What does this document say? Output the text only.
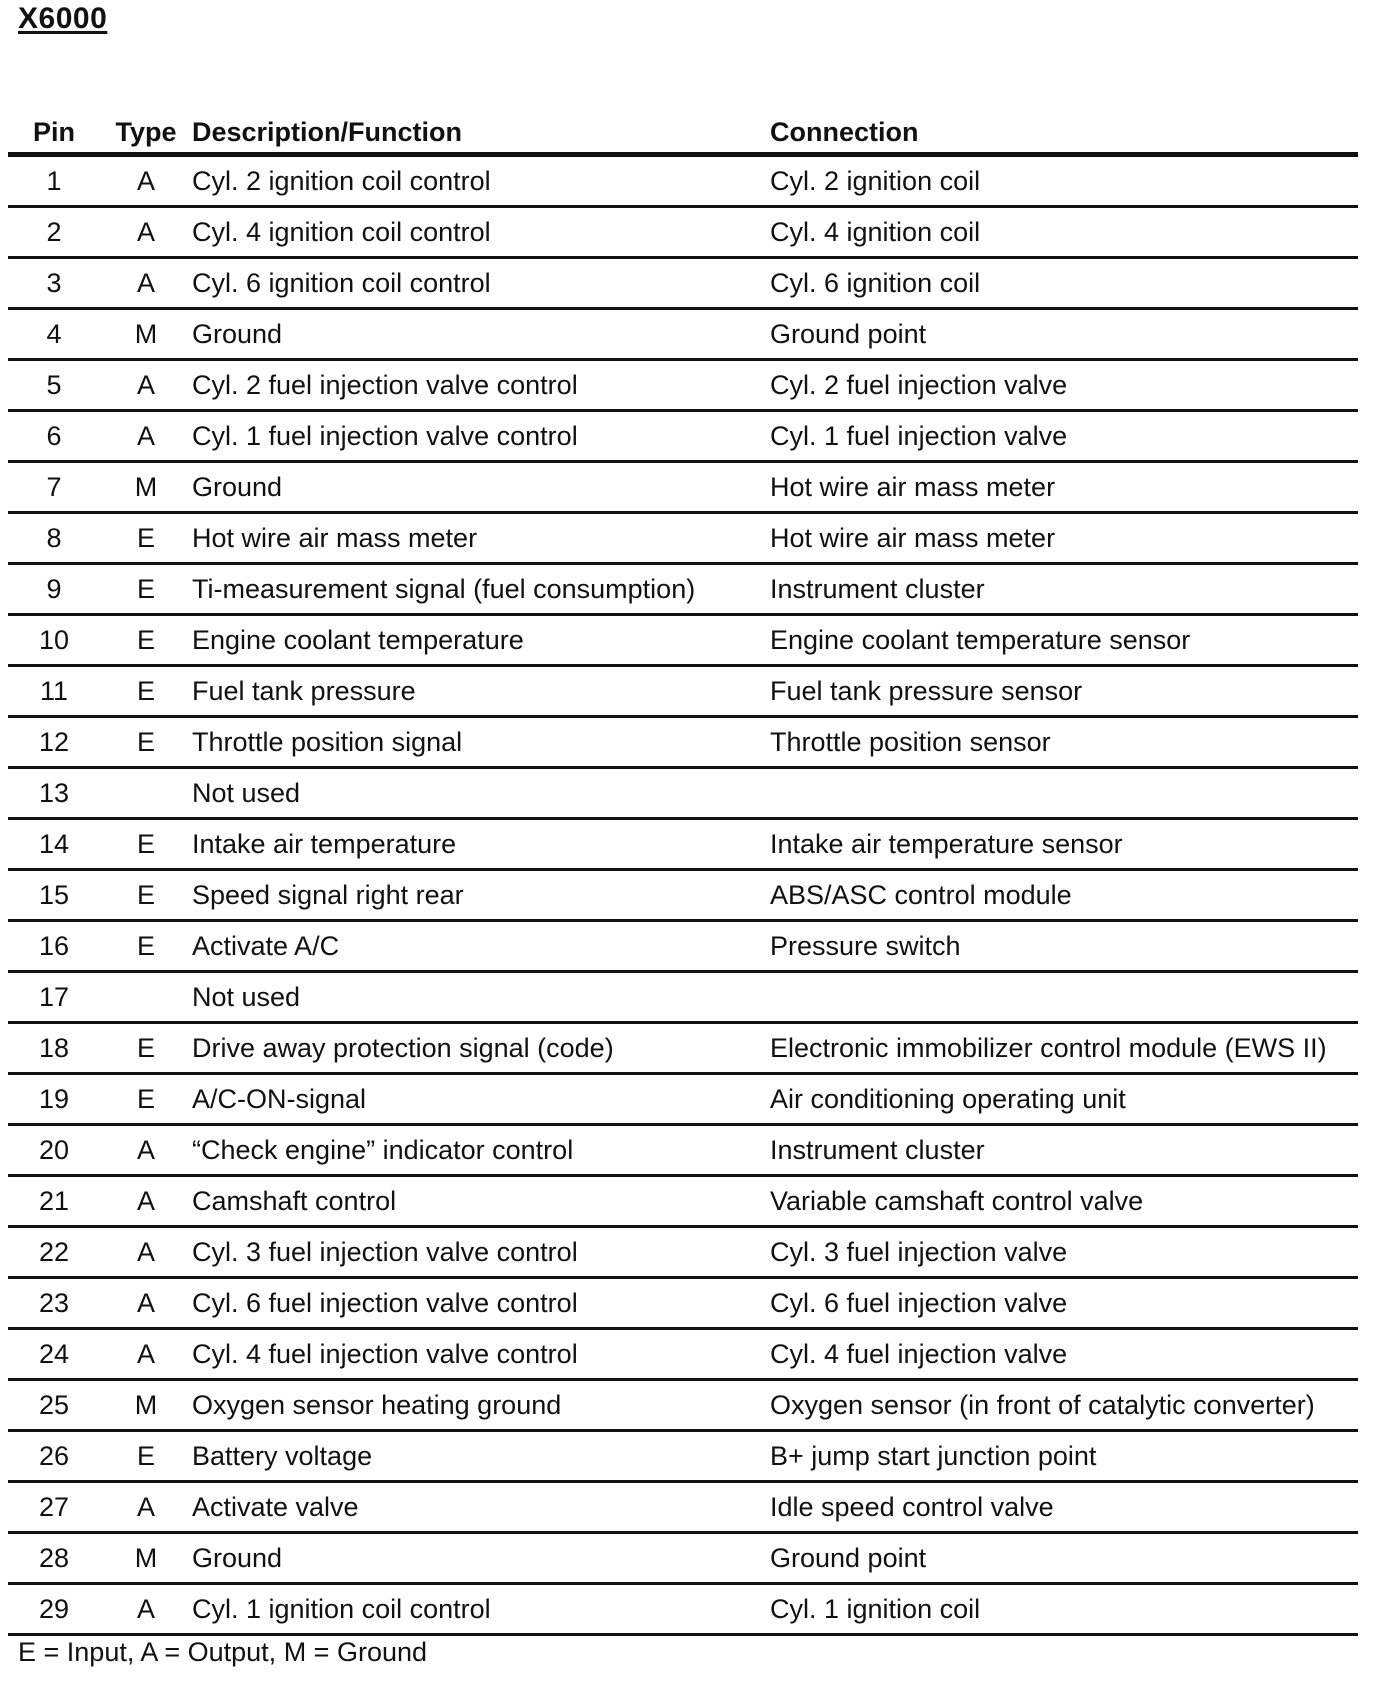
X6000
Pin	Type	Description/Function	Connection
1	A	Cyl. 2 ignition coil control	Cyl. 2 ignition coil
2	A	Cyl. 4 ignition coil control	Cyl. 4 ignition coil
3	A	Cyl. 6 ignition coil control	Cyl. 6 ignition coil
4	M	Ground	Ground point
5	A	Cyl. 2 fuel injection valve control	Cyl. 2 fuel injection valve
6	A	Cyl. 1 fuel injection valve control	Cyl. 1 fuel injection valve
7	M	Ground	Hot wire air mass meter
8	E	Hot wire air mass meter	Hot wire air mass meter
9	E	Ti-measurement signal (fuel consumption)	Instrument cluster
10	E	Engine coolant temperature	Engine coolant temperature sensor
11	E	Fuel tank pressure	Fuel tank pressure sensor
12	E	Throttle position signal	Throttle position sensor
13		Not used	
14	E	Intake air temperature	Intake air temperature sensor
15	E	Speed signal right rear	ABS/ASC control module
16	E	Activate A/C	Pressure switch
17		Not used	
18	E	Drive away protection signal (code)	Electronic immobilizer control module (EWS II)
19	E	A/C-ON-signal	Air conditioning operating unit
20	A	“Check engine” indicator control	Instrument cluster
21	A	Camshaft control	Variable camshaft control valve
22	A	Cyl. 3 fuel injection valve control	Cyl. 3 fuel injection valve
23	A	Cyl. 6 fuel injection valve control	Cyl. 6 fuel injection valve
24	A	Cyl. 4 fuel injection valve control	Cyl. 4 fuel injection valve
25	M	Oxygen sensor heating ground	Oxygen sensor (in front of catalytic converter)
26	E	Battery voltage	B+ jump start junction point
27	A	Activate valve	Idle speed control valve
28	M	Ground	Ground point
29	A	Cyl. 1 ignition coil control	Cyl. 1 ignition coil
E = Input, A = Output, M = Ground
